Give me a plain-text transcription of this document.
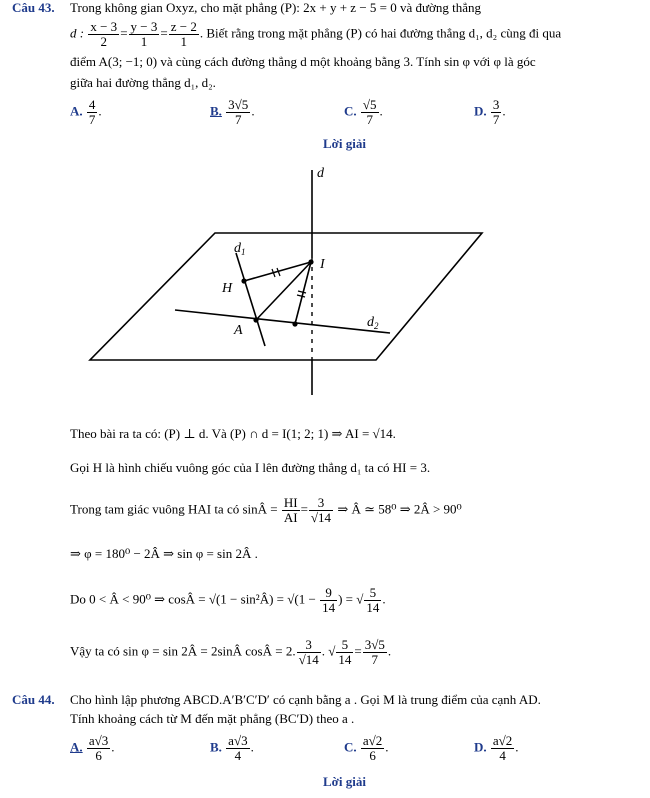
Câu 43. Trong không gian Oxyz, cho mặt phẳng (P): 2x + y + z − 5 = 0 và đường thẳng
d : $\frac{x - 3}{2} = \frac{y - 3}{1} = \frac{z - 2}{1}$ . Biết rằng trong mặt phẳng (P) có hai đường thẳng d₁, d₂ cùng đi qua
điểm A(3; −1; 0) và cùng cách đường thẳng d một khoảng bằng 3. Tính sin φ với φ là góc
giữa hai đường thẳng d₁, d₂.
A. $\frac{4}{7}$ .	B. $\frac{3√5}{7}$ .	C. $\frac{√5}{7}$ .	D. $\frac{3}{7}$ .
Lời giải
d
$d_1$
I
H
A
$d_2$
Theo bài ra ta có: (P) ⊥ d. Và (P) ∩ d = I(1; 2; 1) ⇒ AI = √14.
Gọi H là hình chiếu vuông góc của I lên đường thẳng d₁ ta có HI = 3.
Trong tam giác vuông HAI ta có sinÂ = $\frac{HI}{AI} = \frac{3}{√14}$ ⇒ Â ≃ 58⁰ ⇒ 2Â > 90⁰
⇒ φ = 180⁰ − 2Â ⇒ sin φ = sin 2Â .
Do 0 < Â < 90⁰ ⇒ cosÂ = √(1 − sin²Â) = $√(1 - \frac{9}{14}$ ) = √ $\frac{5}{14}$ .
Vậy ta có sin φ = sin 2Â = 2sinÂ cosÂ = 2. $\frac{3}{√14}$ . √ $\frac{5}{14} = \frac{3√5}{7}$ .
Câu 44. Cho hình lập phương ABCD.A′B′C′D′ có cạnh bằng a . Gọi M là trung điểm của cạnh AD.
Tính khoảng cách từ M đến mặt phẳng (BC′D) theo a .
A. $\frac{a√3}{6}$ .	B. $\frac{a√3}{4}$ .	C. $\frac{a√2}{6}$ .	D. $\frac{a√2}{4}$ .
Lời giải
